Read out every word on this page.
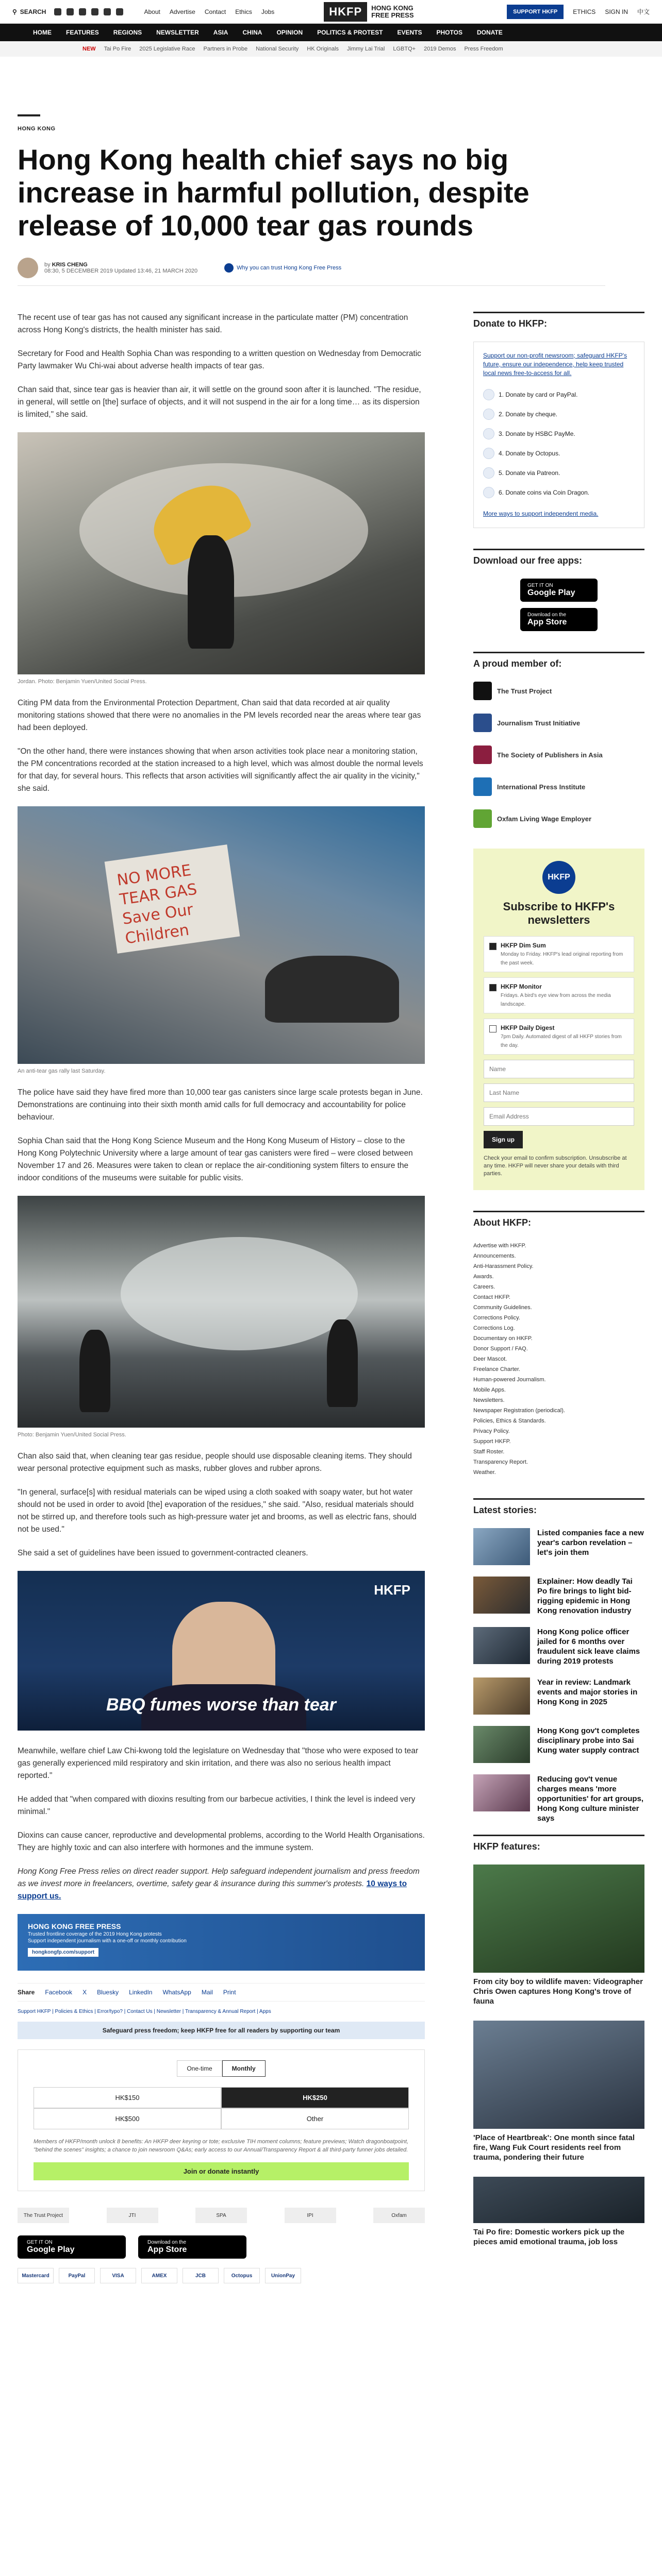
⚲ SEARCH	About Advertise Contact Ethics Jobs	HKFP	HONG KONG
FREE PRESS	SUPPORT HKFP	ETHICS SIGN IN 中文
HOME FEATURES REGIONS NEWSLETTER ASIA CHINA OPINION POLITICS & PROTEST EVENTS PHOTOS DONATE
NEW Tai Po Fire 2025 Legislative Race Partners in Probe National Security HK Originals Jimmy Lai Trial LGBTQ+ 2019 Demos Press Freedom
HONG KONG
Hong Kong health chief says no big increase in harmful pollution, despite release of 10,000 tear gas rounds
by KRIS CHENG
08:30, 5 DECEMBER 2019 Updated 13:46, 21 MARCH 2020	Why you can trust Hong Kong Free Press

The recent use of tear gas has not caused any significant increase in the particulate matter (PM) concentration across Hong Kong's districts, the health minister has said.

Secretary for Food and Health Sophia Chan was responding to a written question on Wednesday from Democratic Party lawmaker Wu Chi-wai about adverse health impacts of tear gas.

Chan said that, since tear gas is heavier than air, it will settle on the ground soon after it is launched. "The residue, in general, will settle on [the] surface of objects, and it will not suspend in the air for a long time… as its dispersion is limited," she said.

Jordan. Photo: Benjamin Yuen/United Social Press.

Citing PM data from the Environmental Protection Department, Chan said that data recorded at air quality monitoring stations showed that there were no anomalies in the PM levels recorded near the areas where tear gas had been deployed.

"On the other hand, there were instances showing that when arson activities took place near a monitoring station, the PM concentrations recorded at the station increased to a high level, which was almost double the normal levels for that day, for several hours. This reflects that arson activities will significantly affect the air quality in the vicinity," she said.

NO MORE TEAR GAS Save Our Children
An anti-tear gas rally last Saturday.

The police have said they have fired more than 10,000 tear gas canisters since large scale protests began in June. Demonstrations are continuing into their sixth month amid calls for full democracy and accountability for police behaviour.

Sophia Chan said that the Hong Kong Science Museum and the Hong Kong Museum of History – close to the Hong Kong Polytechnic University where a large amount of tear gas canisters were fired – were closed between November 17 and 26. Measures were taken to clean or replace the air-conditioning system filters to ensure the indoor conditions of the museums were suitable for public visits.

Photo: Benjamin Yuen/United Social Press.

Chan also said that, when cleaning tear gas residue, people should use disposable cleaning items. They should wear personal protective equipment such as masks, rubber gloves and rubber aprons.

"In general, surface[s] with residual materials can be wiped using a cloth soaked with soapy water, but hot water should not be used in order to avoid [the] evaporation of the residues," she said. "Also, residual materials should not be stirred up, and therefore tools such as high-pressure water jet and brooms, as well as electric fans, should not be used."

She said a set of guidelines have been issued to government-contracted cleaners.

HKFP
BBQ fumes worse than tear

Meanwhile, welfare chief Law Chi-kwong told the legislature on Wednesday that "those who were exposed to tear gas generally experienced mild respiratory and skin irritation, and there was also no serious health impact reported."

He added that "when compared with dioxins resulting from our barbecue activities, I think the level is indeed very minimal."

Dioxins can cause cancer, reproductive and developmental problems, according to the World Health Organisations. They are highly toxic and can also interfere with hormones and the immune system.

Hong Kong Free Press relies on direct reader support. Help safeguard independent journalism and press freedom as we invest more in freelancers, overtime, safety gear & insurance during this summer's protests. 10 ways to support us.

HONG KONG FREE PRESS
Trusted frontline coverage of the 2019 Hong Kong protests
Support independent journalism with a one-off or monthly contribution
hongkongfp.com/support
Share Facebook X Bluesky LinkedIn WhatsApp Mail Print
Support HKFP | Policies & Ethics | Error/typo? | Contact Us | Newsletter | Transparency & Annual Report | Apps
Safeguard press freedom; keep HKFP free for all readers by supporting our team
One-time	Monthly
HK$150	HK$250
HK$500	Other
Members of HKFP/month unlock 8 benefits: An HKFP deer keyring or tote; exclusive TIH moment columns; feature previews; Watch dragonboatpoint, "behind the scenes" insights; a chance to join newsroom Q&As; early access to our Annual/Transparency Report & all third-party funner jobs detailed.
Join or donate instantly
The Trust Project	JTI	SPA	IPI	Oxfam
GET IT ON
Google Play
Download on the
App Store
Mastercard	PayPal	VISA	AMEX	JCB	Octopus	UnionPay
Donate to HKFP:

Support our non-profit newsroom; safeguard HKFP's future, ensure our independence, help keep trusted local news free-to-access for all.

1. Donate by card or PayPal.
2. Donate by cheque.
3. Donate by HSBC PayMe.
4. Donate by Octopus.
5. Donate via Patreon.
6. Donate coins via Coin Dragon.

More ways to support independent media.

Download our free apps:
GET IT ON
Google Play
Download on the
App Store
A proud member of:
The Trust Project
Journalism Trust Initiative
The Society of Publishers in Asia
International Press Institute
Oxfam Living Wage Employer
HKFP
Subscribe to HKFP's newsletters
HKFP Dim Sum
Monday to Friday. HKFP's lead original reporting from the past week.
HKFP Monitor
Fridays. A bird's eye view from across the media landscape.
HKFP Daily Digest
7pm Daily. Automated digest of all HKFP stories from the day.
Name Last Name Email Address Sign up
Check your email to confirm subscription. Unsubscribe at any time. HKFP will never share your details with third parties.
About HKFP:
Advertise with HKFP.
Announcements.
Anti-Harassment Policy.
Awards.
Careers.
Contact HKFP.
Community Guidelines.
Corrections Policy.
Corrections Log.
Documentary on HKFP.
Donor Support / FAQ.
Deer Mascot.
Freelance Charter.
Human-powered Journalism.
Mobile Apps.
Newsletters.
Newspaper Registration (periodical).
Policies, Ethics & Standards.
Privacy Policy.
Support HKFP.
Staff Roster.
Transparency Report.
Weather.
Latest stories:
Listed companies face a new year's carbon revelation – let's join them
Explainer: How deadly Tai Po fire brings to light bid-rigging epidemic in Hong Kong renovation industry
Hong Kong police officer jailed for 6 months over fraudulent sick leave claims during 2019 protests
Year in review: Landmark events and major stories in Hong Kong in 2025
Hong Kong gov't completes disciplinary probe into Sai Kung water supply contract
Reducing gov't venue charges means 'more opportunities' for art groups, Hong Kong culture minister says
HKFP features:
From city boy to wildlife maven: Videographer Chris Owen captures Hong Kong's trove of fauna
'Place of Heartbreak': One month since fatal fire, Wang Fuk Court residents reel from trauma, pondering their future
Tai Po fire: Domestic workers pick up the pieces amid emotional trauma, job loss
